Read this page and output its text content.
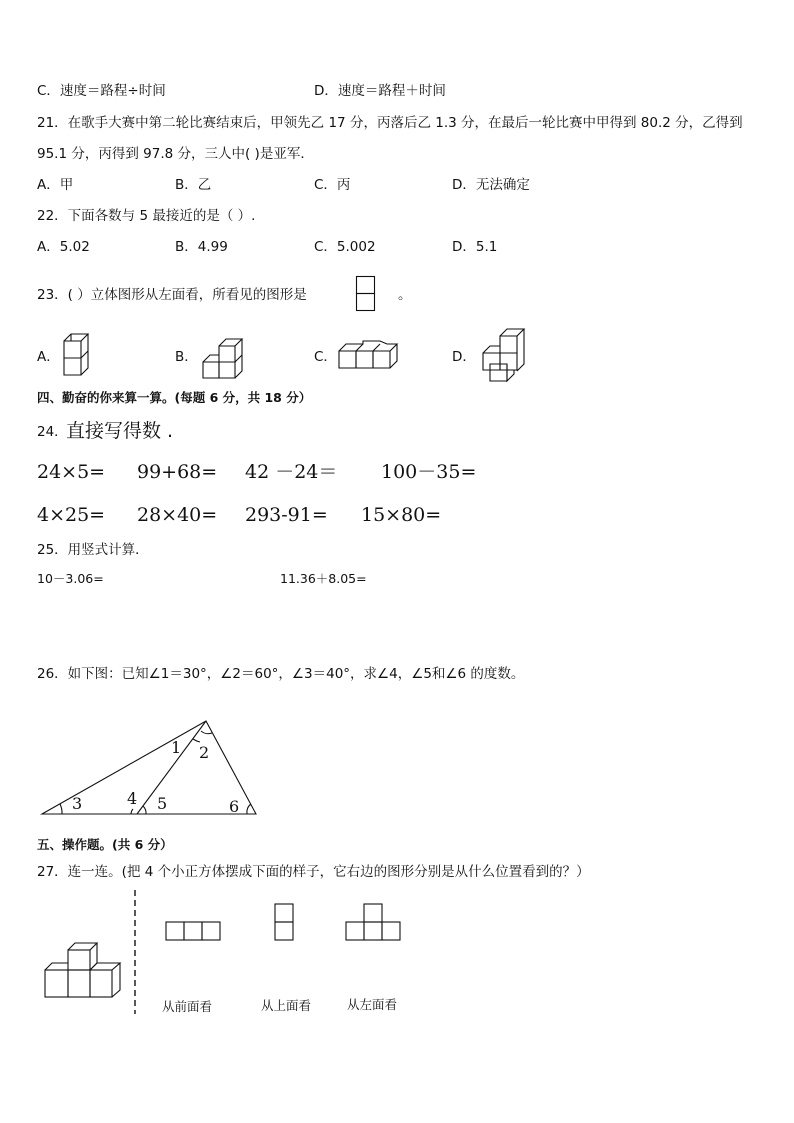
C．速度＝路程÷时间	D．速度＝路程＋时间
21．在歌手大赛中第二轮比赛结束后，甲领先乙 17 分，丙落后乙 1.3 分，在最后一轮比赛中甲得到 80.2 分，乙得到
95.1 分，丙得到 97.8 分，三人中( )是亚军．
A．甲	B．乙	C．丙	D．无法确定
22．下面各数与 5 最接近的是（ ）.
A．5.02	B．4.99	C．5.002	D．5.1
23．( ）立体图形从左面看，所看见的图形是	。
A．	B．	C．	D．
四、勤奋的你来算一算。(每题 6 分，共 18 分）
24．
直接写得数 .
24×5= 99+68= 42 －24＝ 100－35=
4×25= 28×40= 293-91= 15×80=
25．用竖式计算．
10－3.06=	11.36＋8.05=
26．如下图：已知∠1＝30°，∠2＝60°，∠3＝40°，求∠4，∠5和∠6 的度数。
1 2
3	4 5	6
五、操作题。(共 6 分）
27．连一连。(把 4 个小正方体摆成下面的样子，它右边的图形分别是从什么位置看到的？）
从前面看	从上面看	从左面看
